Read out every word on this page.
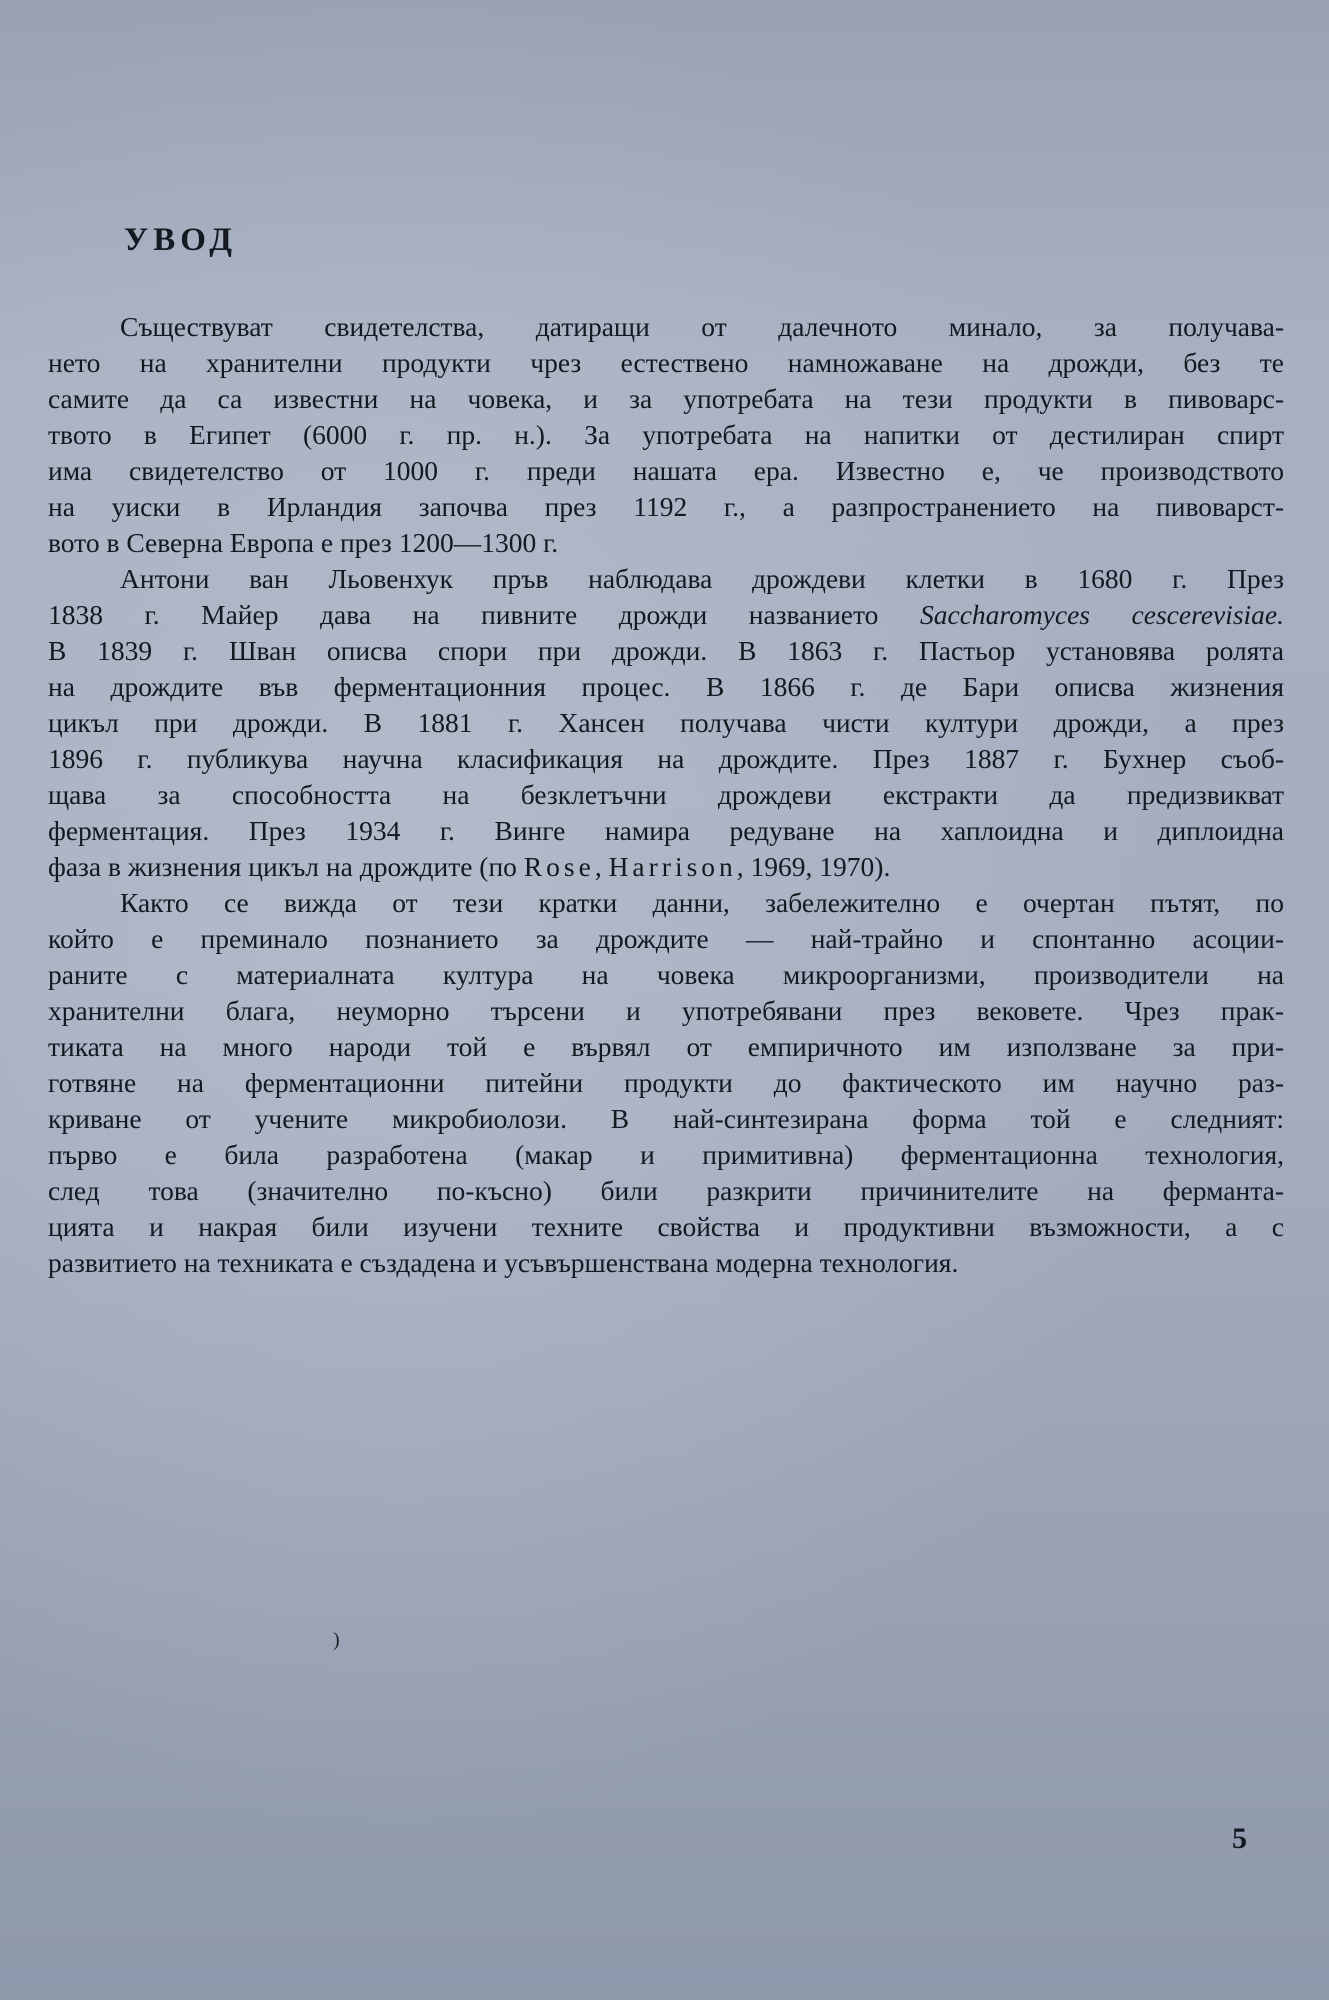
УВОД
Съществуват свидетелства, датиращи от далечното минало, за получава-
нето на хранителни продукти чрез естествено намножаване на дрожди, без те
самите да са известни на човека, и за употребата на тези продукти в пивоварс-
твото в Египет (6000 г. пр. н.). За употребата на напитки от дестилиран спирт
има свидетелство от 1000 г. преди нашата ера. Известно е, че производството
на уиски в Ирландия започва през 1192 г., а разпространението на пивоварст-
вото в Северна Европа е през 1200—1300 г.
Антони ван Льовенхук пръв наблюдава дрождеви клетки в 1680 г. През
1838 г. Майер дава на пивните дрожди названието Saccharomyces cescerevisiae.
В 1839 г. Шван описва спори при дрожди. В 1863 г. Пастьор установява ролята
на дрождите във ферментационния процес. В 1866 г. де Бари описва жизнения
цикъл при дрожди. В 1881 г. Хансен получава чисти култури дрожди, а през
1896 г. публикува научна класификация на дрождите. През 1887 г. Бухнер съоб-
щава за способността на безклетъчни дрождеви екстракти да предизвикват
ферментация. През 1934 г. Винге намира редуване на хаплоидна и диплоидна
фаза в жизнения цикъл на дрождите (по Rose, Harrison, 1969, 1970).
Както се вижда от тези кратки данни, забележително е очертан пътят, по
който е преминало познанието за дрождите — най-трайно и спонтанно асоции-
раните с материалната култура на човека микроорганизми, производители на
хранителни блага, неуморно търсени и употребявани през вековете. Чрез прак-
тиката на много народи той е вървял от емпиричното им използване за при-
готвяне на ферментационни питейни продукти до фактическото им научно раз-
криване от учените микробиолози. В най-синтезирана форма той е следният:
първо е била разработена (макар и примитивна) ферментационна технология,
след това (значително по-късно) били разкрити причинителите на ферманта-
цията и накрая били изучени техните свойства и продуктивни възможности, а с
развитието на техниката е създадена и усъвършенствана модерна технология.
)
5
